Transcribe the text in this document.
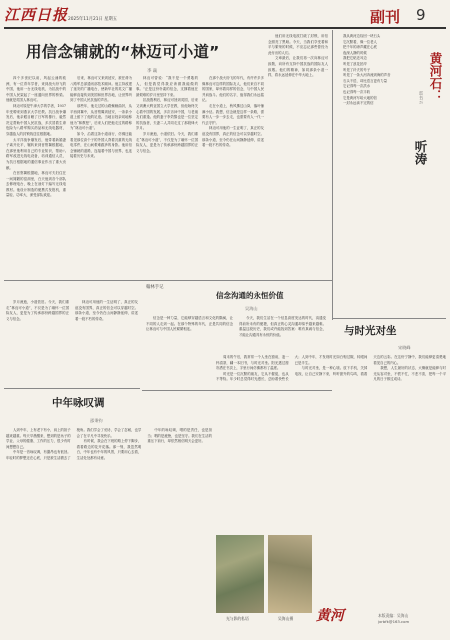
江西日报 2025年11月21日 星期五	副刊 9
用信念铺就的“林迈可小道”
李 焱

四个多世纪以前，风起云涌的欧洲，有一位青年学者，来到战火纷飞的中国，他用一台无线电机，为抗战中的中国人民架起了一座通向世界的桥梁。他就是英国人林迈可。

林迈可原是牛津大学的学者，1937年受聘来到燕京大学任教。抗日战争爆发后，他亲眼目睹了日军的暴行，毅然决定帮助中国人民抗战，多次冒着生命危险为八路军购买药品和无线电器材，穿越敌人的封锁线送往根据地。

太平洋战争爆发后，他带着新婚妻子离开北平，辗转来到晋察冀根据地，在那里他利用自己的专业知识，帮助八路军改进无线电设备，培训通信人员，为抗日根据地的通信事业作出了重大贡献。

在晋察冀根据地，林迈可夫妇住在一间简陋的窑洞里，白天他到各个部队去修理电台，晚上在油灯下编写无线电教材。他设计制造的便携式发报机，重量轻、功率大，深受部队欢迎。

后来，林迈可又来到延安，被任命为八路军总部通讯部技术顾问。他主持改建了延安的广播电台，使新华社的英文广播能够直接传到美国和世界各地，让世界听到了中国人民抗战的声音。

那些年，他走过的山路蜿蜒曲折，从平西到冀中，从晋察冀到延安，一条条小道上留下了他的足迹。当地百姓亲切地称他为“林教授”，后来人们把他走过的路称为“林迈可小道”。

如今，沿着这条小道前行，仿佛还能看见那位高个子的外国人背着沉重的无线电零件，在山间艰难跋涉的身影。他用信念铺就的道路，连接着中国与世界，也连接着历史与未来。

林迈可曾说：“我不是一个勇敢的人，但是我觉得我应该做我能做的事。”正是这份朴素的信念，支撑着他在最艰难的岁月里坚持下来。

抗战胜利后，林迈可回到英国，后来又到澳大利亚国立大学任教，但他始终关心着中国的发展，多次访问中国，与老朋友们重逢。他的妻子李效黎也是一位坚定的抗战者，夫妻二人共同走过了那段烽火岁月。

岁月流逝，小道依旧。今天，我们重走“林迈可小道”，不仅是为了缅怀一位国际友人，更是为了传承那份跨越国界的正义与信念。

在那个战火纷飞的年代，有许许多多像林迈可这样的国际友人，他们来自不同的国家，却怀着同样的信念，与中国人民并肩战斗。他们的名字，值得我们永远铭记。

走在小道上，秋风拂过山岗，落叶铺满小径。我想，信念就是这样一条路，需要有人一步一步去走，也需要有人一代一代去守护。

林迈可用他的一生证明了，真正的友谊没有国界，真正的信念可以穿越时空。那条小道，至今仍在山间静静延伸，讲述着一段不朽的传奇。

他们用无线电波打破了封锁，用信念照亮了黑暗。今天，当我们享受着和平与繁荣的时候，不应忘记那些曾经为此付出的人们。

文章最后，让我们再一次向林迈可致敬，向所有支持中国抗战的国际友人致敬。他们的精神，如同那条小道一样，将永远延伸在中华大地上。

我从黄河边捡回一块石头

它沉默着，像一位老人

把千年的涛声藏在心底

夜深人静的时候

我把它贴近耳边

听见了浪花拍岸

听见了纤夫的号子

听见了一条大河奔流到海的声音

石头不语，却比语言更有力量

它记得每一次洪水

也记得每一次丰收

它是黄河写给大地的信

一封永远读不完的信

黄河石：
雷书云
听涛
翰林手记
信念沟通的永恒价值
吴海山

信念是一种力量，它能够穿越语言和文化的隔阂，让不同的人走到一起。在那个特殊的年代，正是共同的信念让林迈可与中国人民紧紧相连。

今天，我们生活在一个信息高度发达的时代，沟通变得前所未有的便捷，但真正的心灵沟通却似乎越来越难。重温这段历史，我们或许能找到答案：唯有真诚与信念，才能让沟通具有永恒的价值。

岁月流逝，小道依旧。今天，我们重走“林迈可小道”，不仅是为了缅怀一位国际友人，更是为了传承那份跨越国界的正义与信念。

林迈可用他的一生证明了，真正的友谊没有国界，真正的信念可以穿越时空。那条小道，至今仍在山间静静延伸，讲述着一段不朽的传奇。

与时光对坐
宋晓峰

周末的午后，我常常一个人坐在窗前，泡一杯清茶，翻一本旧书，与时光对坐。阳光透过窗帘洒在书页上，字里行间仿佛都有了温度。

时光是一位沉默的朋友，它从不催促，也从不等待。年少时总觉得时光漫长，总盼着快些长大；人到中年，才发现时光如白驹过隙，转眼间已是半生。

与时光对坐，是一种心境。放下手机，关掉电视，让自己安静下来，听听窗外的鸟鸣，看看天边的云彩。在这份宁静中，我们能够更清楚地看见自己的内心。

我想，人生最好的状态，大概就是能够与时光从容对坐，不慌不忙，不悲不喜，把每一个平凡的日子都过成诗。

中年咏叹调
邵秉钧

人到中年，上有老下有小，肩上的担子越来越重。每天早晨醒来，想到的是孩子的学业、父母的健康、工作的压力，很少有时间想想自己。

中年是一首咏叹调，有激昂也有低回。年轻时的梦想还在心底，只是被生活磨去了棱角。我们学会了妥协，学会了忍耐，也学会了在平凡中寻找快乐。

有时候，我会在下班的路上停下脚步，看看路边的花开花落。那一刻，我忽然明白，中年也有中年的风景，只要用心去看，生活处处都有诗意。

中年的咏叹调，唱的是责任，也是担当；唱的是疲惫，也是坚守。我们在生活的重压下前行，却依然相信明天会更好。

光与影的私语	吴海山摄 黄河	本版责编：吴海山
jxrbfk@163.com
